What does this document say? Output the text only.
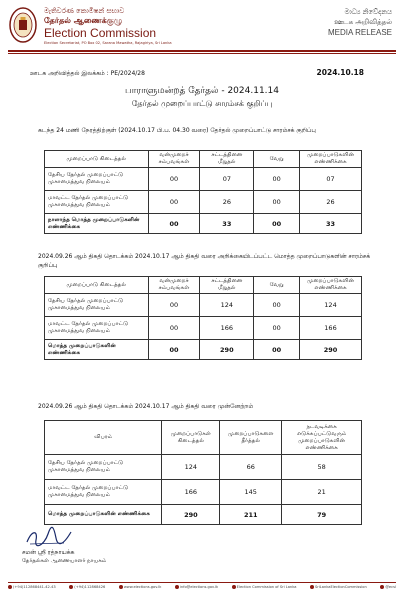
මැතිවරණ කොමිෂන් සභාව
தேர்தல் ஆணைக்குழு
Election Commission
Election Secretariat, PO Box 02, Sarana Mawatha, Rajagiriya, Sri Lanka
මාධ්‍ය නිවේදනය
ஊடக அறிவித்தல்
MEDIA RELEASE
ஊடக அறிவித்தல் இலக்கம் : PE/2024/28	2024.10.18
பாராளுமன்றத் தேர்தல் - 2024.11.14
தேர்தல் முறைப்பாட்டு சாரம்சக் குறிப்பு
கடந்த 24 மணி நேரத்திற்குள் (2024.10.17 பி.ப. 04.30 வரை) தேர்தல் முறைப்பாட்டு சாரம்சக் குறிப்பு
முறைப்பாடு கிடைத்தல்	வன்முறைச் சம்பவங்கள்	சட்டத்தினை மீறுதல்	வேறு	முறைப்பாடுகளின் எண்ணிக்கை
தேசிய தேர்தல் முறைப்பாட்டு முகாமைத்துவ நிலையம்	00	07	00	07
மாவட்ட தேர்தல் முறைப்பாட்டு முகாமைத்துவ நிலையம்	00	26	00	26
நாளாந்த மொத்த முறைப்பாடுகளின் எண்ணிக்கை	00	33	00	33
2024.09.26 ஆம் திகதி தொடக்கம் 2024.10.17 ஆம் திகதி வரை அறிக்கையிடப்பட்ட மொத்த முறைப்பாடுகளின் சாரம்சக் குறிப்பு
முறைப்பாடு கிடைத்தல்	வன்முறைச் சம்பவங்கள்	சட்டத்தினை மீறுதல்	வேறு	முறைப்பாடுகளின் எண்ணிக்கை
தேசிய தேர்தல் முறைப்பாட்டு முகாமைத்துவ நிலையம்	00	124	00	124
மாவட்ட தேர்தல் முறைப்பாட்டு முகாமைத்துவ நிலையம்	00	166	00	166
மொத்த முறைப்பாடுகளின் எண்ணிக்கை	00	290	00	290
2024.09.26 ஆம் திகதி தொடக்கம் 2024.10.17 ஆம் திகதி வரை முன்னேற்றம்
விபரம்	முறைப்பாடுகள் கிடைத்தல்	முறைப்பாடுகளை தீர்த்தல்	நடவடிக்கை எடுக்கப்பட்டுவரும் முறைப்பாடுகளின் எண்ணிக்கை
தேசிய தேர்தல் முறைப்பாட்டு முகாமைத்துவ நிலையம்	124	66	58
மாவட்ட தேர்தல் முறைப்பாட்டு முகாமைத்துவ நிலையம்	166	145	21
மொத்த முறைப்பாடுகளின் எண்ணிக்கை	290	211	79
சமன் ஸ்ரீ ரத்நாயக்க
தேர்தல்கள் ஆணையாளர் நாயகம்
(+94)112868441-42-43	(+94)112868426	www.elections.gov.lk	info@elections.gov.lk	Election Commission of Sri Lanka	SriLankaElectionCommission	@ecsl
